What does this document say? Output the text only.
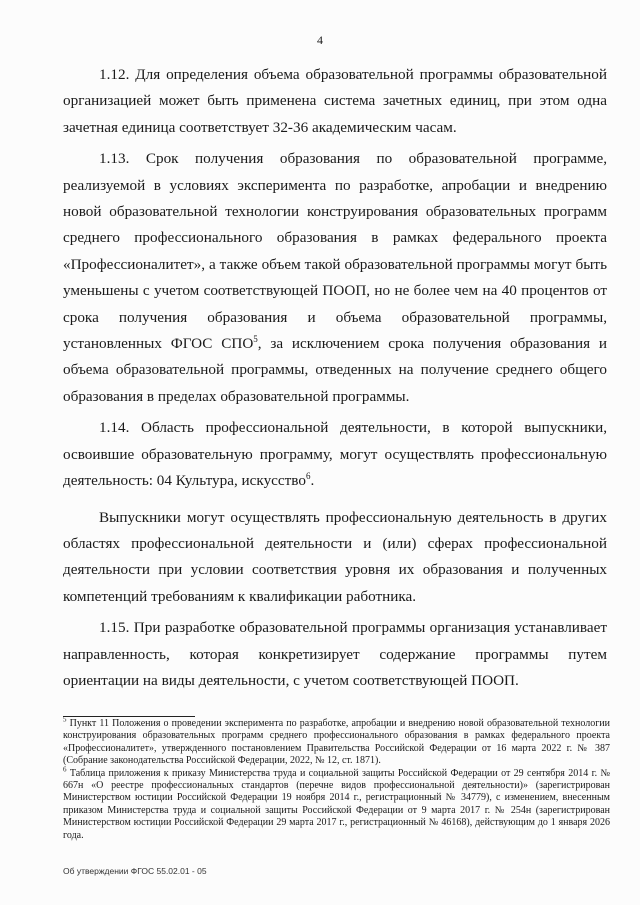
4

1.12. Для определения объема образовательной программы образовательной организацией может быть применена система зачетных единиц, при этом одна зачетная единица соответствует 32-36 академическим часам.

1.13. Срок получения образования по образовательной программе, реализуемой в условиях эксперимента по разработке, апробации и внедрению новой образовательной технологии конструирования образовательных программ среднего профессионального образования в рамках федерального проекта «Профессионалитет», а также объем такой образовательной программы могут быть уменьшены с учетом соответствующей ПООП, но не более чем на 40 процентов от срока получения образования и объема образовательной программы, установленных ФГОС СПО$^5$, за исключением срока получения образования и объема образовательной программы, отведенных на получение среднего общего образования в пределах образовательной программы.

1.14. Область профессиональной деятельности, в которой выпускники, освоившие образовательную программу, могут осуществлять профессиональную деятельность: 04 Культура, искусство$^6$.

Выпускники могут осуществлять профессиональную деятельность в других областях профессиональной деятельности и (или) сферах профессиональной деятельности при условии соответствия уровня их образования и полученных компетенций требованиям к квалификации работника.

1.15. При разработке образовательной программы организация устанавливает направленность, которая конкретизирует содержание программы путем ориентации на виды деятельности, с учетом соответствующей ПООП.

$^5$ Пункт 11 Положения о проведении эксперимента по разработке, апробации и внедрению новой образовательной технологии конструирования образовательных программ среднего профессионального образования в рамках федерального проекта «Профессионалитет», утвержденного постановлением Правительства Российской Федерации от 16 марта 2022 г. № 387 (Собрание законодательства Российской Федерации, 2022, № 12, ст. 1871).

$^6$ Таблица приложения к приказу Министерства труда и социальной защиты Российской Федерации от 29 сентября 2014 г. № 667н «О реестре профессиональных стандартов (перечне видов профессиональной деятельности)» (зарегистрирован Министерством юстиции Российской Федерации 19 ноября 2014 г., регистрационный № 34779), с изменением, внесенным приказом Министерства труда и социальной защиты Российской Федерации от 9 марта 2017 г. № 254н (зарегистрирован Министерством юстиции Российской Федерации 29 марта 2017 г., регистрационный № 46168), действующим до 1 января 2026 года.

Об утверждении ФГОС 55.02.01 - 05
